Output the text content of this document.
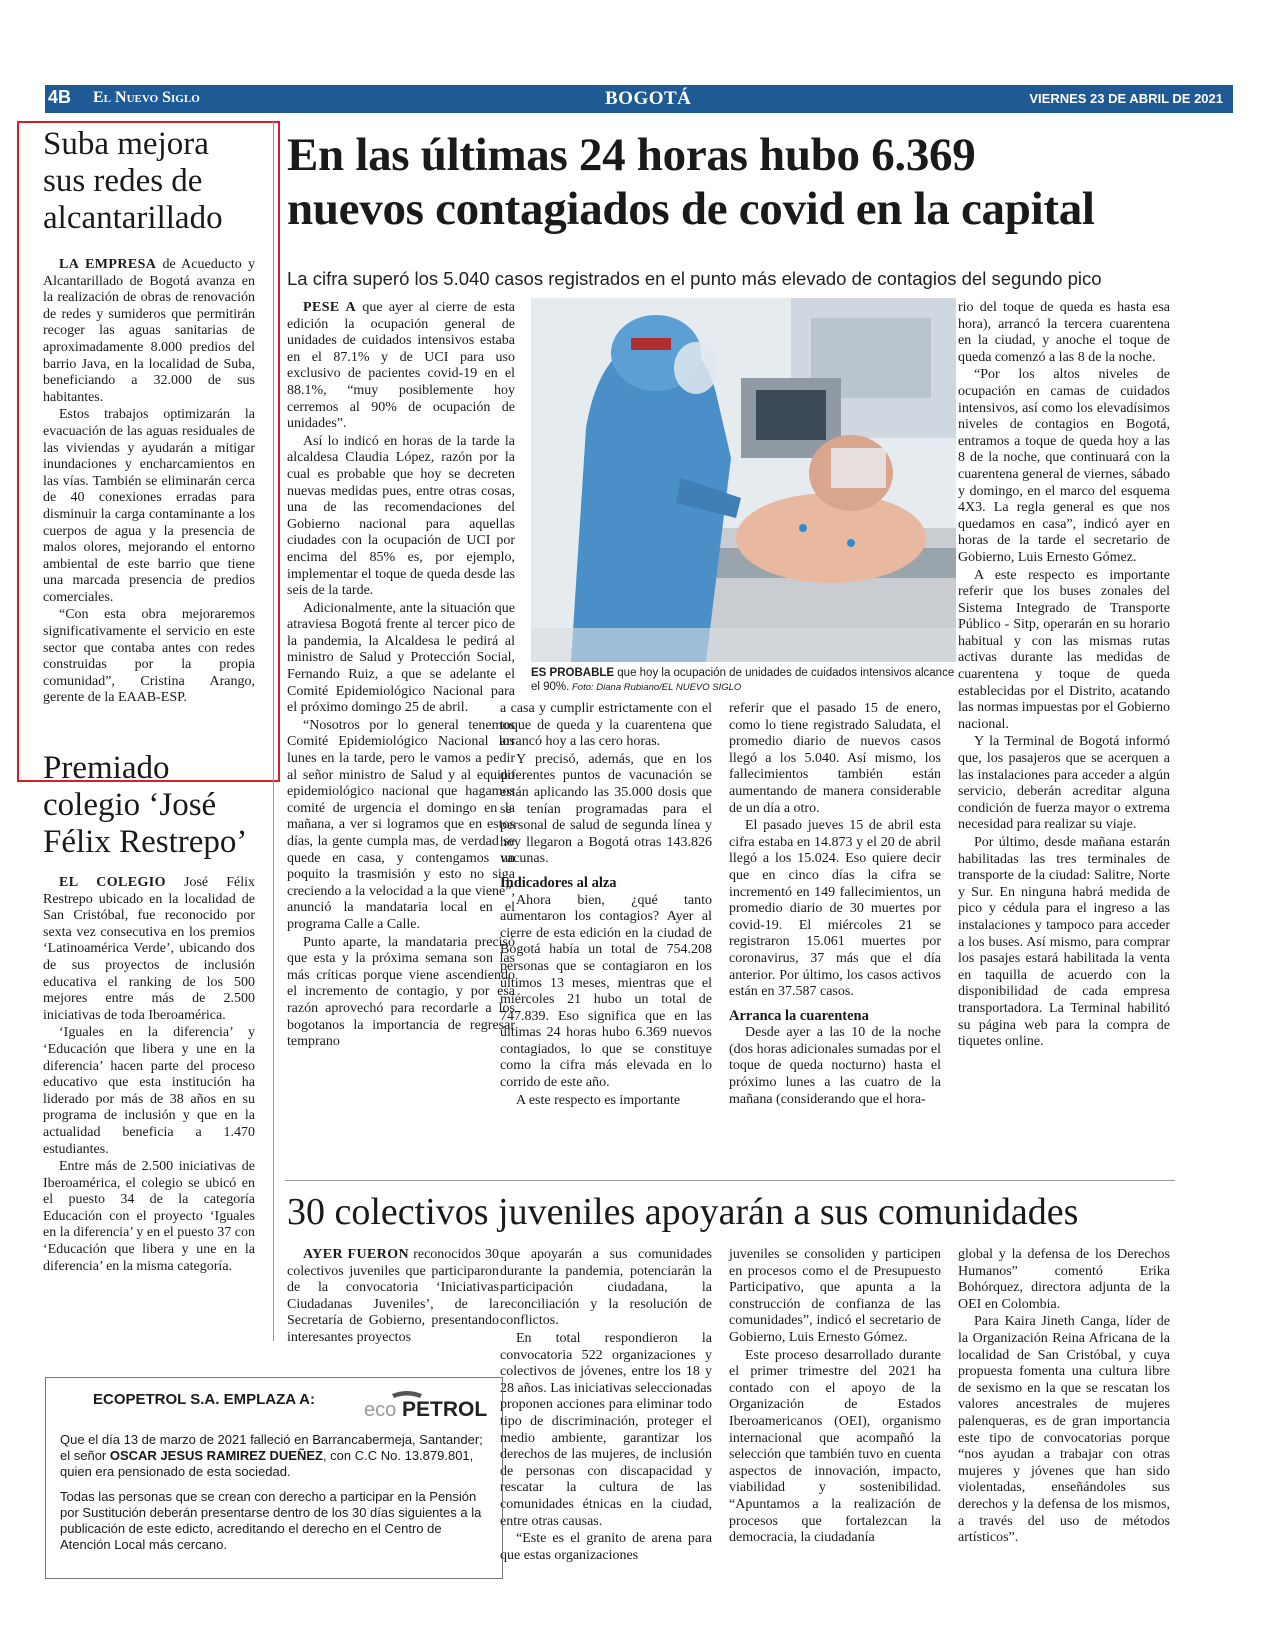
4B El Nuevo Siglo	BOGOTÁ	VIERNES 23 DE ABRIL DE 2021
Suba mejora
sus redes de
alcantarillado

LA EMPRESA de Acueducto y Alcantarillado de Bogotá avanza en la realización de obras de renovación de redes y sumideros que permitirán recoger las aguas sanitarias de aproximadamente 8.000 predios del barrio Java, en la localidad de Suba, beneficiando a 32.000 de sus habitantes.

Estos trabajos optimizarán la evacuación de las aguas residuales de las viviendas y ayudarán a mitigar inundaciones y encharcamientos en las vías. También se eliminarán cerca de 40 conexiones erradas para disminuir la carga contaminante a los cuerpos de agua y la presencia de malos olores, mejorando el entorno ambiental de este barrio que tiene una marcada presencia de predios comerciales.

“Con esta obra mejoraremos significativamente el servicio en este sector que contaba antes con redes construidas por la propia comunidad”, Cristina Arango, gerente de la EAAB-ESP.

Premiado
colegio ‘José
Félix Restrepo’

EL COLEGIO José Félix Restrepo ubicado en la localidad de San Cristóbal, fue reconocido por sexta vez consecutiva en los premios ‘Latinoamérica Verde’, ubicando dos de sus proyectos de inclusión educativa el ranking de los 500 mejores entre más de 2.500 iniciativas de toda Iberoamérica.

‘Iguales en la diferencia’ y ‘Educación que libera y une en la diferencia’ hacen parte del proceso educativo que esta institución ha liderado por más de 38 años en su programa de inclusión y que en la actualidad beneficia a 1.470 estudiantes.

Entre más de 2.500 iniciativas de Iberoamérica, el colegio se ubicó en el puesto 34 de la categoría Educación con el proyecto ‘Iguales en la diferencia’ y en el puesto 37 con ‘Educación que libera y une en la diferencia’ en la misma categoría.

En las últimas 24 horas hubo 6.369
nuevos contagiados de covid en la capital
La cifra superó los 5.040 casos registrados en el punto más elevado de contagios del segundo pico

PESE A que ayer al cierre de esta edición la ocupación general de unidades de cuidados intensivos estaba en el 87.1% y de UCI para uso exclusivo de pacientes covid-19 en el 88.1%, “muy posiblemente hoy cerremos al 90% de ocupación de unidades”.

Así lo indicó en horas de la tarde la alcaldesa Claudia López, razón por la cual es probable que hoy se decreten nuevas medidas pues, entre otras cosas, una de las recomendaciones del Gobierno nacional para aquellas ciudades con la ocupación de UCI por encima del 85% es, por ejemplo, implementar el toque de queda desde las seis de la tarde.

Adicionalmente, ante la situación que atraviesa Bogotá frente al tercer pico de la pandemia, la Alcaldesa le pedirá al ministro de Salud y Protección Social, Fernando Ruiz, a que se adelante el Comité Epidemiológico Nacional para el próximo domingo 25 de abril.

“Nosotros por lo general tenemos Comité Epidemiológico Nacional los lunes en la tarde, pero le vamos a pedir al señor ministro de Salud y al equipo epidemiológico nacional que hagamos comité de urgencia el domingo en la mañana, a ver si logramos que en estos días, la gente cumpla mas, de verdad se quede en casa, y contengamos un poquito la trasmisión y esto no siga creciendo a la velocidad a la que viene”, anunció la mandataria local en el programa Calle a Calle.

Punto aparte, la mandataria precisó que esta y la próxima semana son las más críticas porque viene ascendiendo el incremento de contagio, y por esa razón aprovechó para recordarle a los bogotanos la importancia de regresar temprano

ES PROBABLE que hoy la ocupación de unidades de cuidados intensivos alcance el 90%. Foto: Diana Rubiano/EL NUEVO SIGLO

a casa y cumplir estrictamente con el toque de queda y la cuarentena que arrancó hoy a las cero horas.

Y precisó, además, que en los diferentes puntos de vacunación se están aplicando las 35.000 dosis que se tenían programadas para el personal de salud de segunda línea y hoy llegaron a Bogotá otras 143.826 vacunas.

Indicadores al alza

Ahora bien, ¿qué tanto aumentaron los contagios? Ayer al cierre de esta edición en la ciudad de Bogotá había un total de 754.208 personas que se contagiaron en los últimos 13 meses, mientras que el miércoles 21 hubo un total de 747.839. Eso significa que en las últimas 24 horas hubo 6.369 nuevos contagiados, lo que se constituye como la cifra más elevada en lo corrido de este año.

A este respecto es importante

referir que el pasado 15 de enero, como lo tiene registrado Saludata, el promedio diario de nuevos casos llegó a los 5.040. Así mismo, los fallecimientos también están aumentando de manera considerable de un día a otro.

El pasado jueves 15 de abril esta cifra estaba en 14.873 y el 20 de abril llegó a los 15.024. Eso quiere decir que en cinco días la cifra se incrementó en 149 fallecimientos, un promedio diario de 30 muertes por covid-19. El miércoles 21 se registraron 15.061 muertes por coronavirus, 37 más que el día anterior. Por último, los casos activos están en 37.587 casos.

Arranca la cuarentena

Desde ayer a las 10 de la noche (dos horas adicionales sumadas por el toque de queda nocturno) hasta el próximo lunes a las cuatro de la mañana (considerando que el hora-

rio del toque de queda es hasta esa hora), arrancó la tercera cuarentena en la ciudad, y anoche el toque de queda comenzó a las 8 de la noche.

“Por los altos niveles de ocupación en camas de cuidados intensivos, así como los elevadísimos niveles de contagios en Bogotá, entramos a toque de queda hoy a las 8 de la noche, que continuará con la cuarentena general de viernes, sábado y domingo, en el marco del esquema 4X3. La regla general es que nos quedamos en casa”, indicó ayer en horas de la tarde el secretario de Gobierno, Luis Ernesto Gómez.

A este respecto es importante referir que los buses zonales del Sistema Integrado de Transporte Público - Sitp, operarán en su horario habitual y con las mismas rutas activas durante las medidas de cuarentena y toque de queda establecidas por el Distrito, acatando las normas impuestas por el Gobierno nacional.

Y la Terminal de Bogotá informó que, los pasajeros que se acerquen a las instalaciones para acceder a algún servicio, deberán acreditar alguna condición de fuerza mayor o extrema necesidad para realizar su viaje.

Por último, desde mañana estarán habilitadas las tres terminales de transporte de la ciudad: Salitre, Norte y Sur. En ninguna habrá medida de pico y cédula para el ingreso a las instalaciones y tampoco para acceder a los buses. Así mismo, para comprar los pasajes estará habilitada la venta en taquilla de acuerdo con la disponibilidad de cada empresa transportadora. La Terminal habilitó su página web para la compra de tiquetes online.

30 colectivos juveniles apoyarán a sus comunidades

AYER FUERON reconocidos 30 colectivos juveniles que participaron de la convocatoria ‘Iniciativas Ciudadanas Juveniles’, de la Secretaría de Gobierno, presentando interesantes proyectos

que apoyarán a sus comunidades durante la pandemia, potenciarán la participación ciudadana, la reconciliación y la resolución de conflictos.

En total respondieron la convocatoria 522 organizaciones y colectivos de jóvenes, entre los 18 y 28 años. Las iniciativas seleccionadas proponen acciones para eliminar todo tipo de discriminación, proteger el medio ambiente, garantizar los derechos de las mujeres, de inclusión de personas con discapacidad y rescatar la cultura de las comunidades étnicas en la ciudad, entre otras causas.

“Este es el granito de arena para que estas organizaciones

juveniles se consoliden y participen en procesos como el de Presupuesto Participativo, que apunta a la construcción de confianza de las comunidades”, indicó el secretario de Gobierno, Luis Ernesto Gómez.

Este proceso desarrollado durante el primer trimestre del 2021 ha contado con el apoyo de la Organización de Estados Iberoamericanos (OEI), organismo internacional que acompañó la selección que también tuvo en cuenta aspectos de innovación, impacto, viabilidad y sostenibilidad. “Apuntamos a la realización de procesos que fortalezcan la democracia, la ciudadanía

global y la defensa de los Derechos Humanos” comentó Erika Bohórquez, directora adjunta de la OEI en Colombia.

Para Kaira Jineth Canga, líder de la Organización Reina Africana de la localidad de San Cristóbal, y cuya propuesta fomenta una cultura libre de sexismo en la que se rescatan los valores ancestrales de mujeres palenqueras, es de gran importancia este tipo de convocatorias porque “nos ayudan a trabajar con otras mujeres y jóvenes que han sido violentadas, enseñándoles sus derechos y la defensa de los mismos, a través del uso de métodos artísticos”.

ECOPETROL S.A. EMPLAZA A: eco PETROL
Que el día 13 de marzo de 2021 falleció en Barrancabermeja, Santander; el señor OSCAR JESUS RAMIREZ DUEÑEZ, con C.C No. 13.879.801, quien era pensionado de esta sociedad.
Todas las personas que se crean con derecho a participar en la Pensión por Sustitución deberán presentarse dentro de los 30 días siguientes a la publicación de este edicto, acreditando el derecho en el Centro de Atención Local más cercano.
